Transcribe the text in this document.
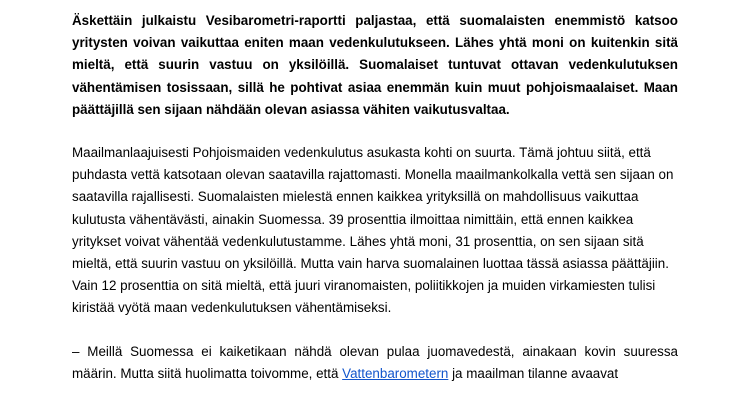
Äskettäin julkaistu Vesibarometri-raportti paljastaa, että suomalaisten enemmistö katsoo yritysten voivan vaikuttaa eniten maan vedenkulutukseen. Lähes yhtä moni on kuitenkin sitä mieltä, että suurin vastuu on yksilöillä. Suomalaiset tuntuvat ottavan vedenkulutuksen vähentämisen tosissaan, sillä he pohtivat asiaa enemmän kuin muut pohjoismaalaiset. Maan päättäjillä sen sijaan nähdään olevan asiassa vähiten vaikutusvaltaa.

Maailmanlaajuisesti Pohjoismaiden vedenkulutus asukasta kohti on suurta. Tämä johtuu siitä, että puhdasta vettä katsotaan olevan saatavilla rajattomasti. Monella maailmankolkalla vettä sen sijaan on saatavilla rajallisesti. Suomalaisten mielestä ennen kaikkea yrityksillä on mahdollisuus vaikuttaa kulutusta vähentävästi, ainakin Suomessa. 39 prosenttia ilmoittaa nimittäin, että ennen kaikkea yritykset voivat vähentää vedenkulutustamme. Lähes yhtä moni, 31 prosenttia, on sen sijaan sitä mieltä, että suurin vastuu on yksilöillä. Mutta vain harva suomalainen luottaa tässä asiassa päättäjiin. Vain 12 prosenttia on sitä mieltä, että juuri viranomaisten, poliitikkojen ja muiden virkamiesten tulisi kiristää vyötä maan vedenkulutuksen vähentämiseksi.

– Meillä Suomessa ei kaiketikaan nähdä olevan pulaa juomavedestä, ainakaan kovin suuressa määrin. Mutta siitä huolimatta toivomme, että Vattenbarometern ja maailman tilanne avaavat
